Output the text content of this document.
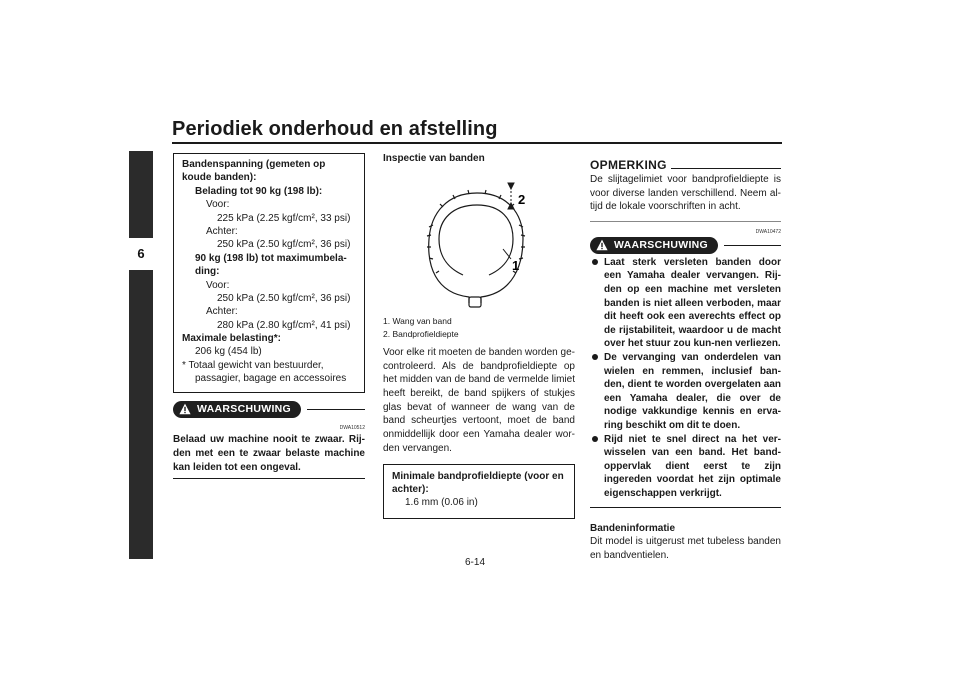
Periodiek onderhoud en afstelling
6
Bandenspanning (gemeten op
koude banden):
Belading tot 90 kg (198 lb):
Voor:
225 kPa (2.25 kgf/cm², 33 psi)
Achter:
250 kPa (2.50 kgf/cm², 36 psi)
90 kg (198 lb) tot maximumbela-
ding:
Voor:
250 kPa (2.50 kgf/cm², 36 psi)
Achter:
280 kPa (2.80 kgf/cm², 41 psi)
Maximale belasting*:
206 kg (454 lb)
* Totaal gewicht van bestuurder,
passagier, bagage en accessoires
WAARSCHUWING
DWA10512
Belaad uw machine nooit te zwaar. Rij-den met een te zwaar belaste machine kan leiden tot een ongeval.
Inspectie van banden
2
1
1. Wang van band
2. Bandprofieldiepte
Voor elke rit moeten de banden worden ge-controleerd. Als de bandprofieldiepte op het midden van de band de vermelde limiet heeft bereikt, de band spijkers of stukjes glas bevat of wanneer de wang van de band scheurtjes vertoont, moet de band onmiddellijk door een Yamaha dealer wor-den vervangen.
Minimale bandprofieldiepte (voor en
achter):
1.6 mm (0.06 in)
OPMERKING
De slijtagelimiet voor bandprofieldiepte is voor diverse landen verschillend. Neem al-tijd de lokale voorschriften in acht.
DWA10472
WAARSCHUWING
Laat sterk versleten banden door een Yamaha dealer vervangen. Rij-den op een machine met versleten banden is niet alleen verboden, maar dit heeft ook een averechts effect op de rijstabiliteit, waardoor u de macht over het stuur zou kun-nen verliezen.
De vervanging van onderdelen van wielen en remmen, inclusief ban-den, dient te worden overgelaten aan een Yamaha dealer, die over de nodige vakkundige kennis en erva-ring beschikt om dit te doen.
Rijd niet te snel direct na het ver-wisselen van een band. Het band-oppervlak dient eerst te zijn ingereden voordat het zijn optimale eigenschappen verkrijgt.
Bandeninformatie
Dit model is uitgerust met tubeless banden en bandventielen.
6-14
